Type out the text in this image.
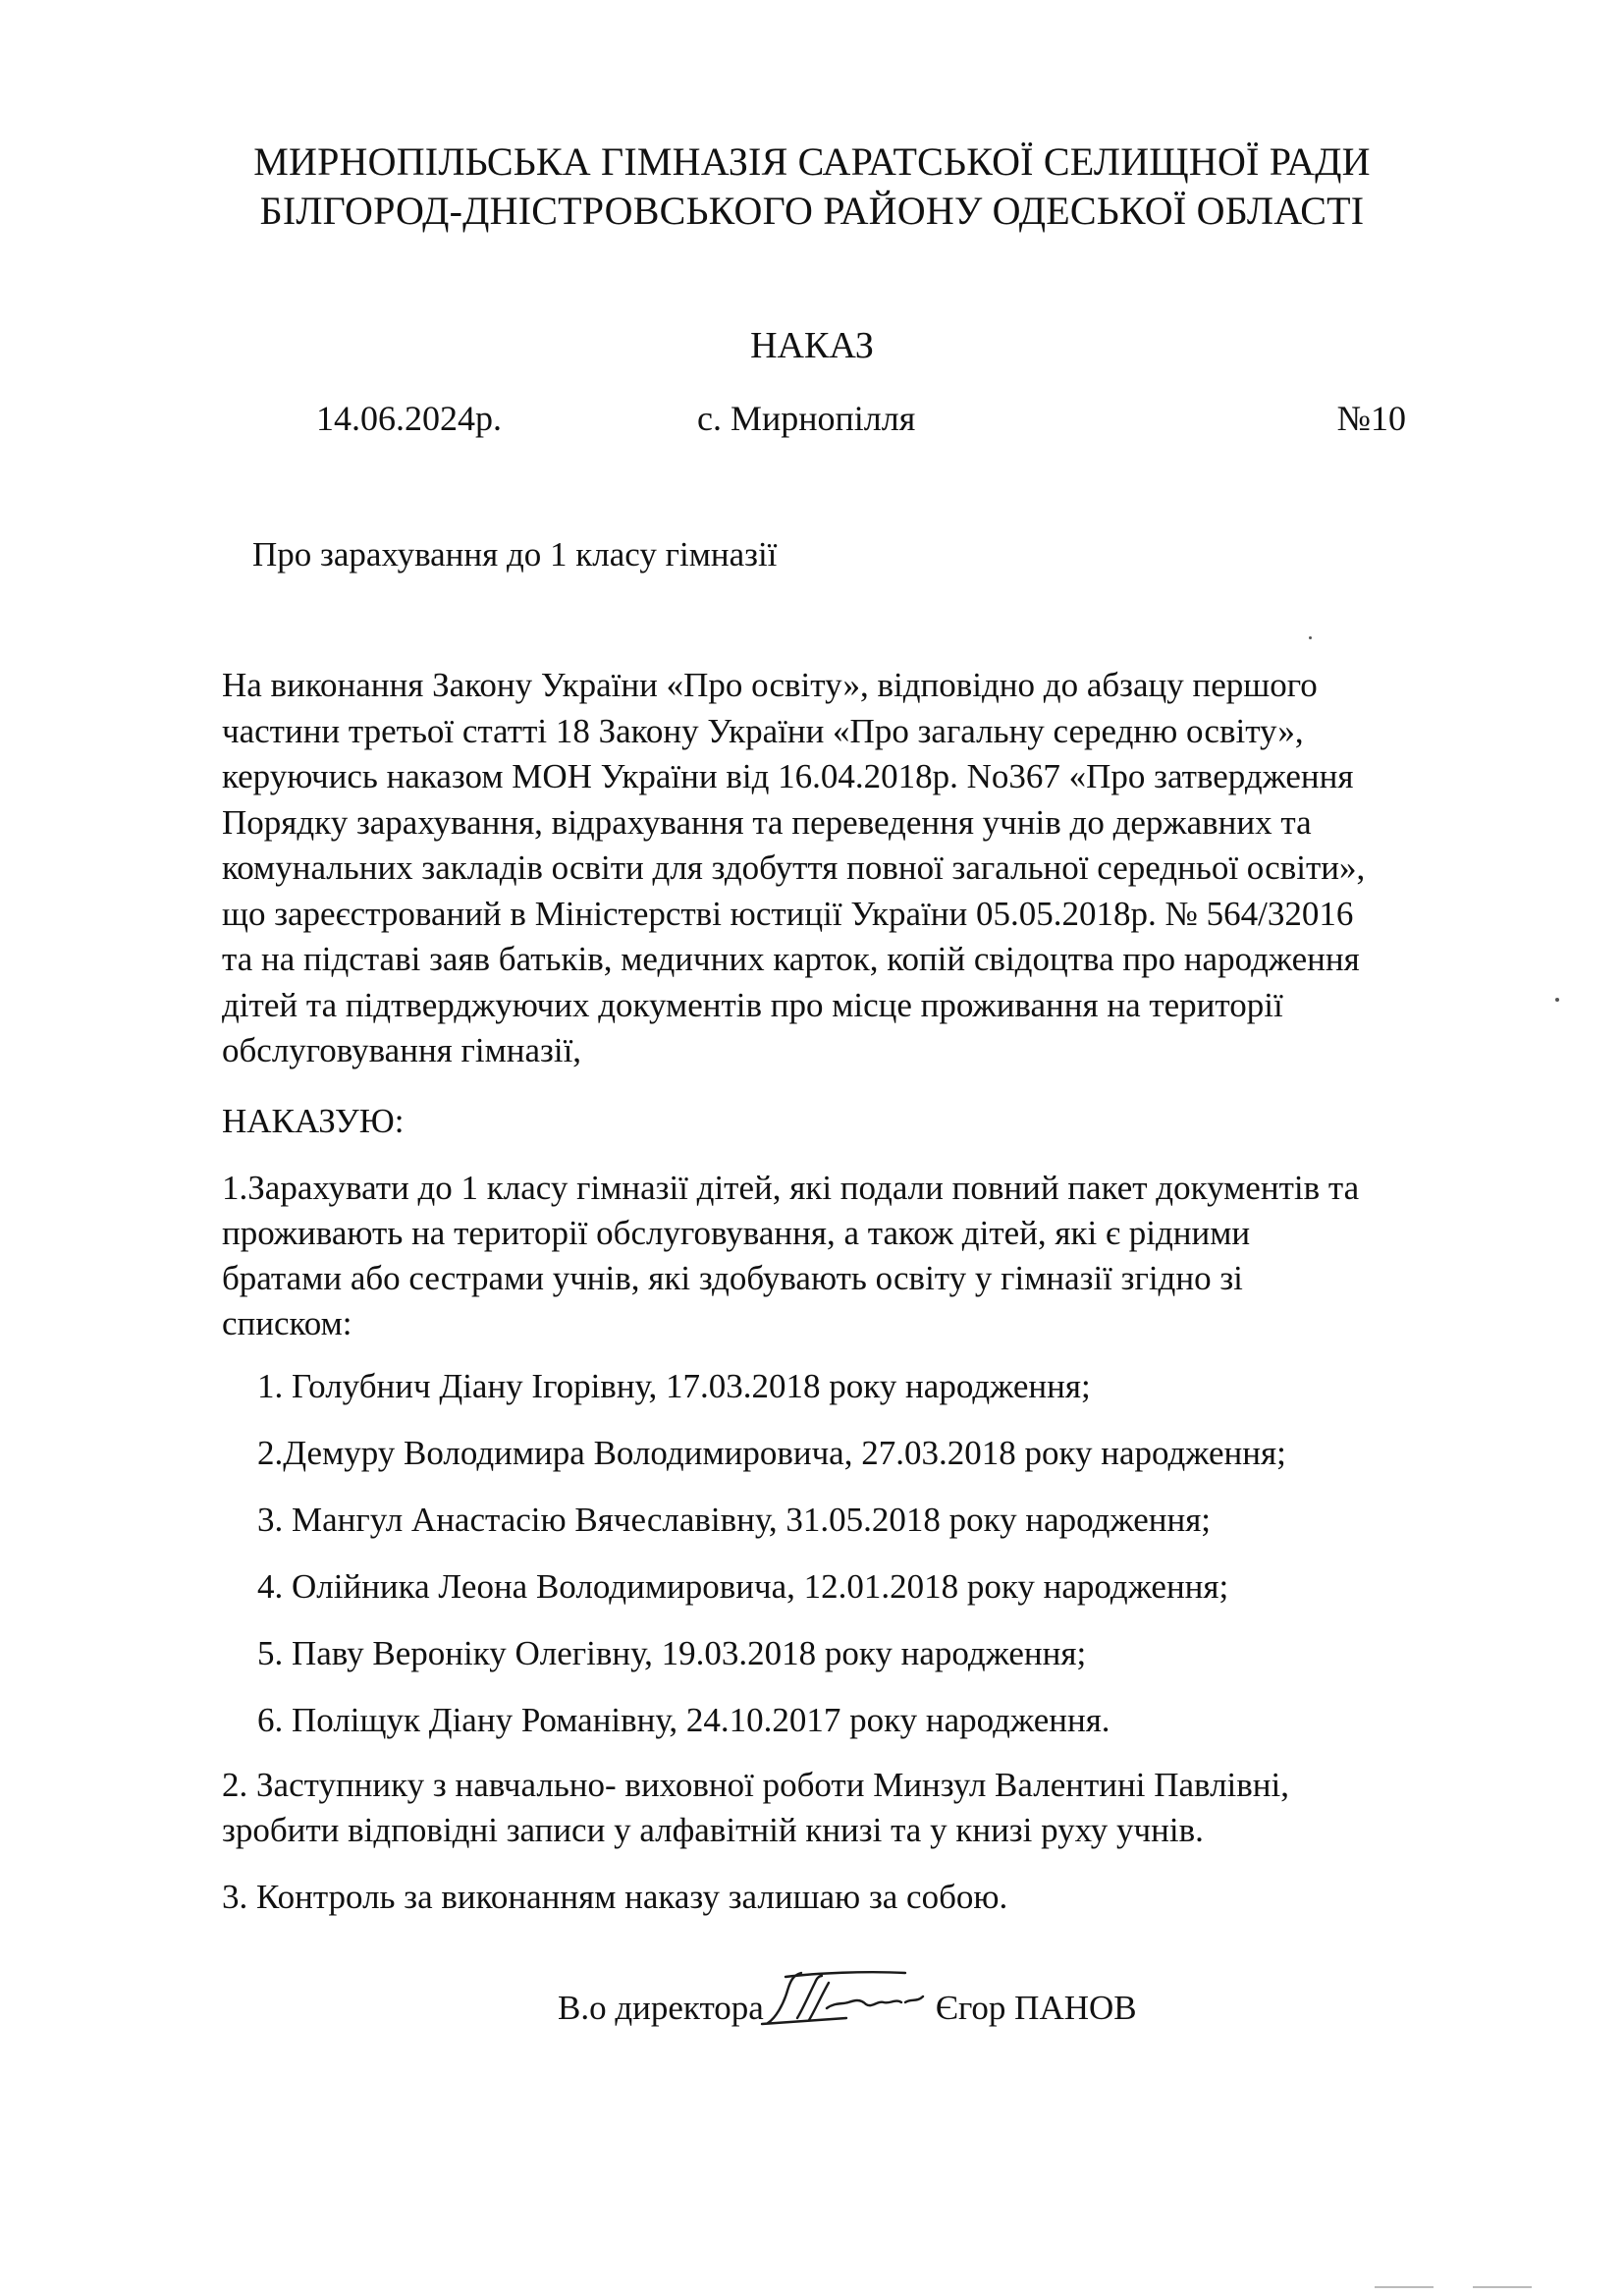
МИРНОПІЛЬСЬКА ГІМНАЗІЯ САРАТСЬКОЇ СЕЛИЩНОЇ РАДИ
БІЛГОРОД-ДНІСТРОВСЬКОГО РАЙОНУ ОДЕСЬКОЇ ОБЛАСТІ
НАКАЗ
14.06.2024р.	с. Мирнопілля	№10
Про зарахування до 1 класу гімназії
На виконання Закону України «Про освіту», відповідно до абзацу першого
частини третьої статті 18 Закону України «Про загальну середню освіту»,
керуючись наказом МОН України від 16.04.2018р. No367 «Про затвердження
Порядку зарахування, відрахування та переведення учнів до державних та
комунальних закладів освіти для здобуття повної загальної середньої освіти»,
що зареєстрований в Міністерстві юстиції України 05.05.2018р. № 564/32016
та на підставі заяв батьків, медичних карток, копій свідоцтва про народження
дітей та підтверджуючих документів про місце проживання на території
обслуговування гімназії,
НАКАЗУЮ:
1.Зарахувати до 1 класу гімназії дітей, які подали повний пакет документів та
проживають на території обслуговування, а також дітей, які є рідними
братами або сестрами учнів, які здобувають освіту у гімназії згідно зі
списком:
1. Голубнич Діану Ігорівну, 17.03.2018 року народження;
2.Демуру Володимира Володимировича, 27.03.2018 року народження;
3. Мангул Анастасію Вячеславівну, 31.05.2018 року народження;
4. Олійника Леона Володимировича, 12.01.2018 року народження;
5. Паву Вероніку Олегівну, 19.03.2018 року народження;
6. Поліщук Діану Романівну, 24.10.2017 року народження.
2. Заступнику з навчально- виховної роботи Минзул Валентині Павлівні,
зробити відповідні записи у алфавітній книзі та у книзі руху учнів.
3. Контроль за виконанням наказу залишаю за собою.
В.о директора	Єгор ПАНОВ
